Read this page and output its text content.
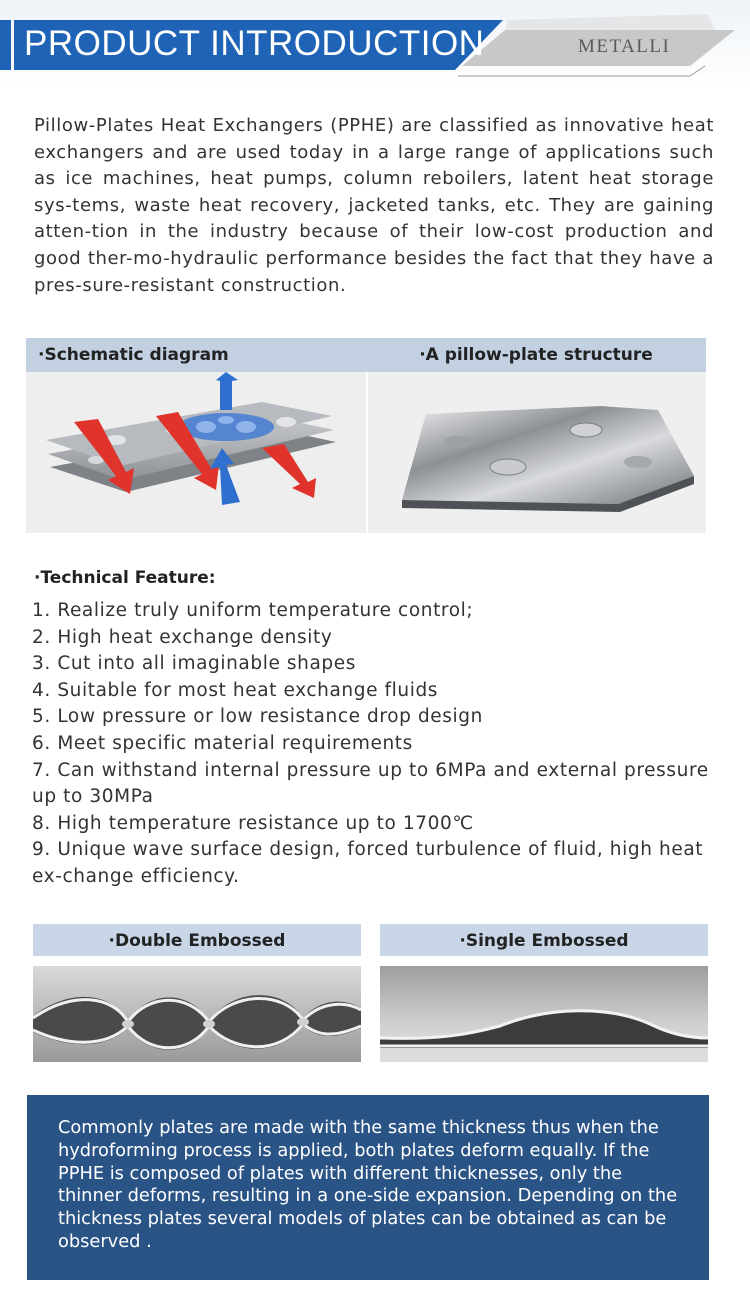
PRODUCT INTRODUCTION	METALLI
Pillow-Plates Heat Exchangers (PPHE) are classified as innovative heat exchangers and are used today in a large range of applications such as ice machines, heat pumps, column reboilers, latent heat storage sys-tems, waste heat recovery, jacketed tanks, etc. They are gaining atten-tion in the industry because of their low-cost production and good ther-mo-hydraulic performance besides the fact that they have a pres-sure-resistant construction.
·Schematic diagram	·A pillow-plate structure
·Technical Feature:
1. Realize truly uniform temperature control;
2. High heat exchange density
3. Cut into all imaginable shapes
4. Suitable for most heat exchange fluids
5. Low pressure or low resistance drop design
6. Meet specific material requirements
7. Can withstand internal pressure up to 6MPa and external pressure up to 30MPa
8. High temperature resistance up to 1700℃
9. Unique wave surface design, forced turbulence of fluid, high heat ex-change efficiency.
·Double Embossed	·Single Embossed

Commonly plates are made with the same thickness thus when the hydroforming process is applied, both plates deform equally. If the PPHE is composed of plates with different thicknesses, only the thinner deforms, resulting in a one-side expansion. Depending on the thickness plates several models of plates can be obtained as can be observed .
